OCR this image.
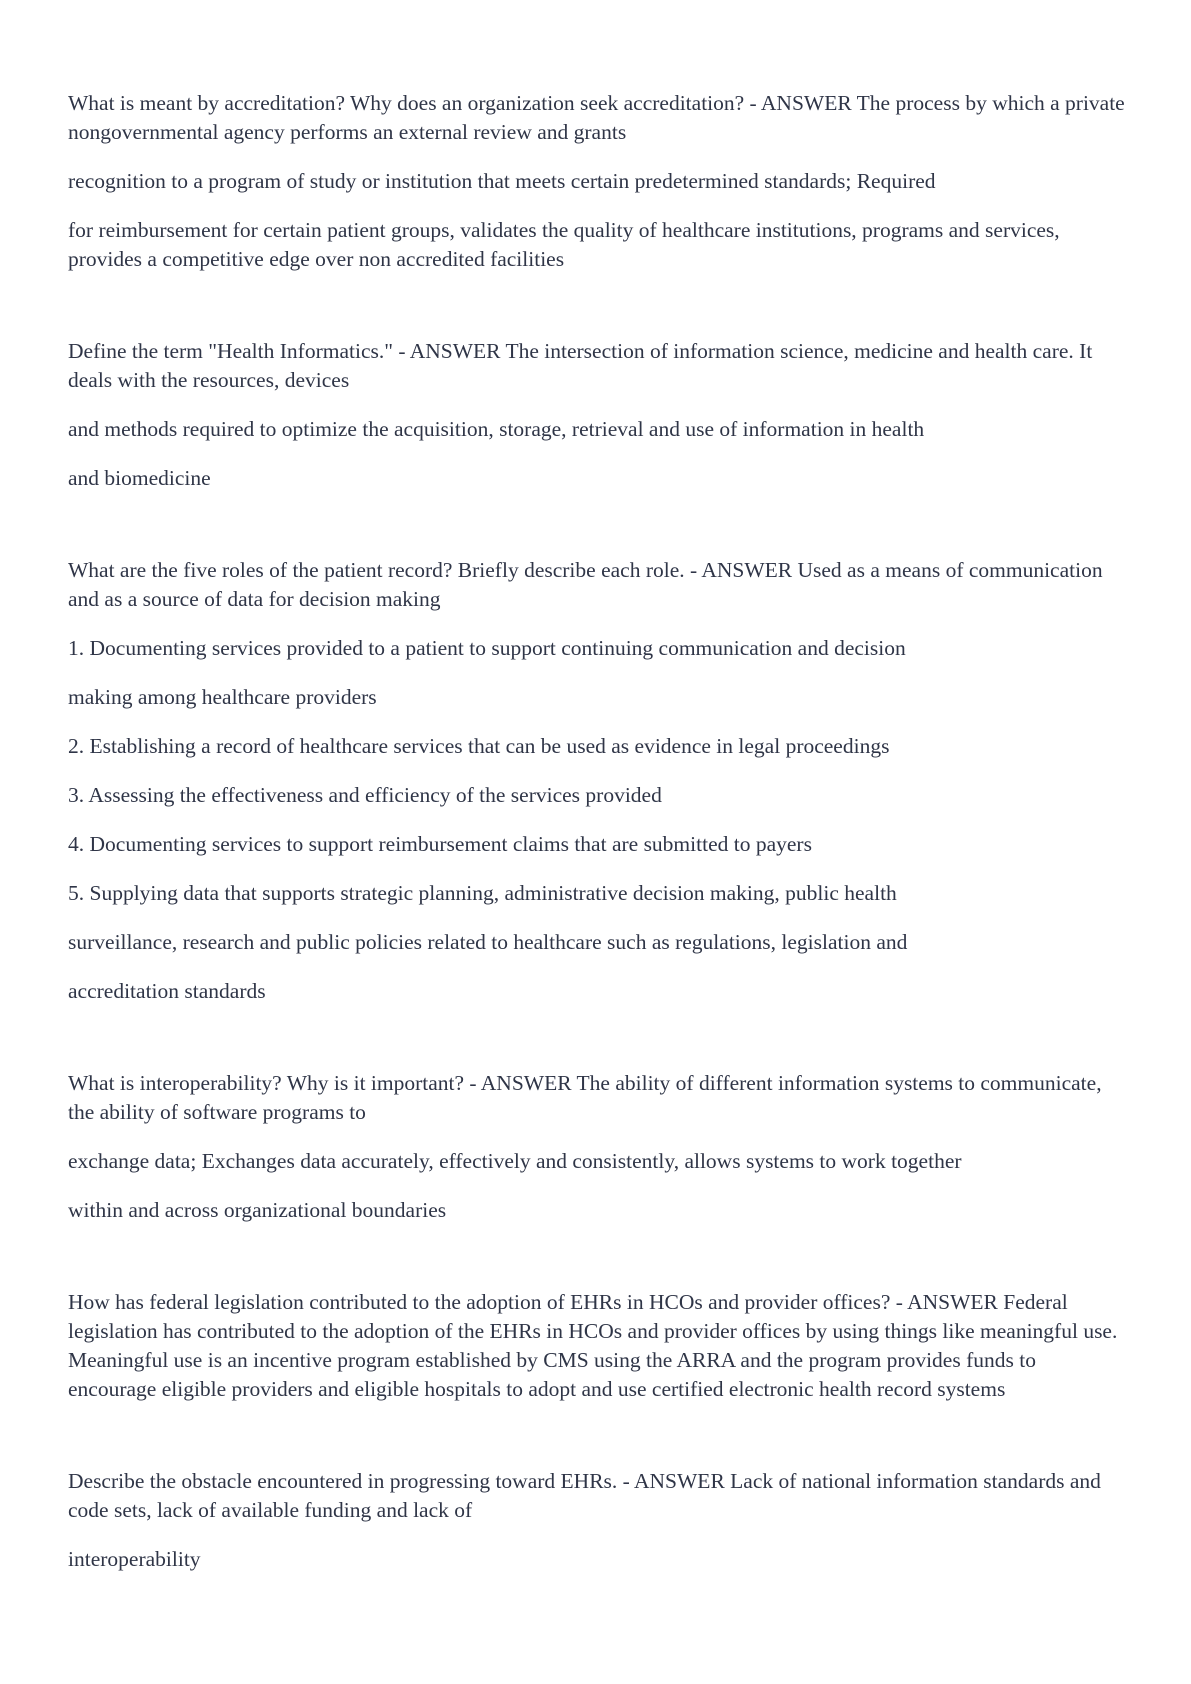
What is meant by accreditation? Why does an organization seek accreditation? - ANSWER The process by which a private nongovernmental agency performs an external review and grants

recognition to a program of study or institution that meets certain predetermined standards; Required

for reimbursement for certain patient groups, validates the quality of healthcare institutions, programs and services, provides a competitive edge over non accredited facilities

Define the term "Health Informatics." - ANSWER The intersection of information science, medicine and health care. It deals with the resources, devices

and methods required to optimize the acquisition, storage, retrieval and use of information in health

and biomedicine

What are the five roles of the patient record? Briefly describe each role. - ANSWER Used as a means of communication and as a source of data for decision making

1. Documenting services provided to a patient to support continuing communication and decision

making among healthcare providers

2. Establishing a record of healthcare services that can be used as evidence in legal proceedings

3. Assessing the effectiveness and efficiency of the services provided

4. Documenting services to support reimbursement claims that are submitted to payers

5. Supplying data that supports strategic planning, administrative decision making, public health

surveillance, research and public policies related to healthcare such as regulations, legislation and

accreditation standards

What is interoperability? Why is it important? - ANSWER The ability of different information systems to communicate, the ability of software programs to

exchange data; Exchanges data accurately, effectively and consistently, allows systems to work together

within and across organizational boundaries

How has federal legislation contributed to the adoption of EHRs in HCOs and provider offices? - ANSWER Federal legislation has contributed to the adoption of the EHRs in HCOs and provider offices by using things like meaningful use. Meaningful use is an incentive program established by CMS using the ARRA and the program provides funds to encourage eligible providers and eligible hospitals to adopt and use certified electronic health record systems

Describe the obstacle encountered in progressing toward EHRs. - ANSWER Lack of national information standards and code sets, lack of available funding and lack of

interoperability
